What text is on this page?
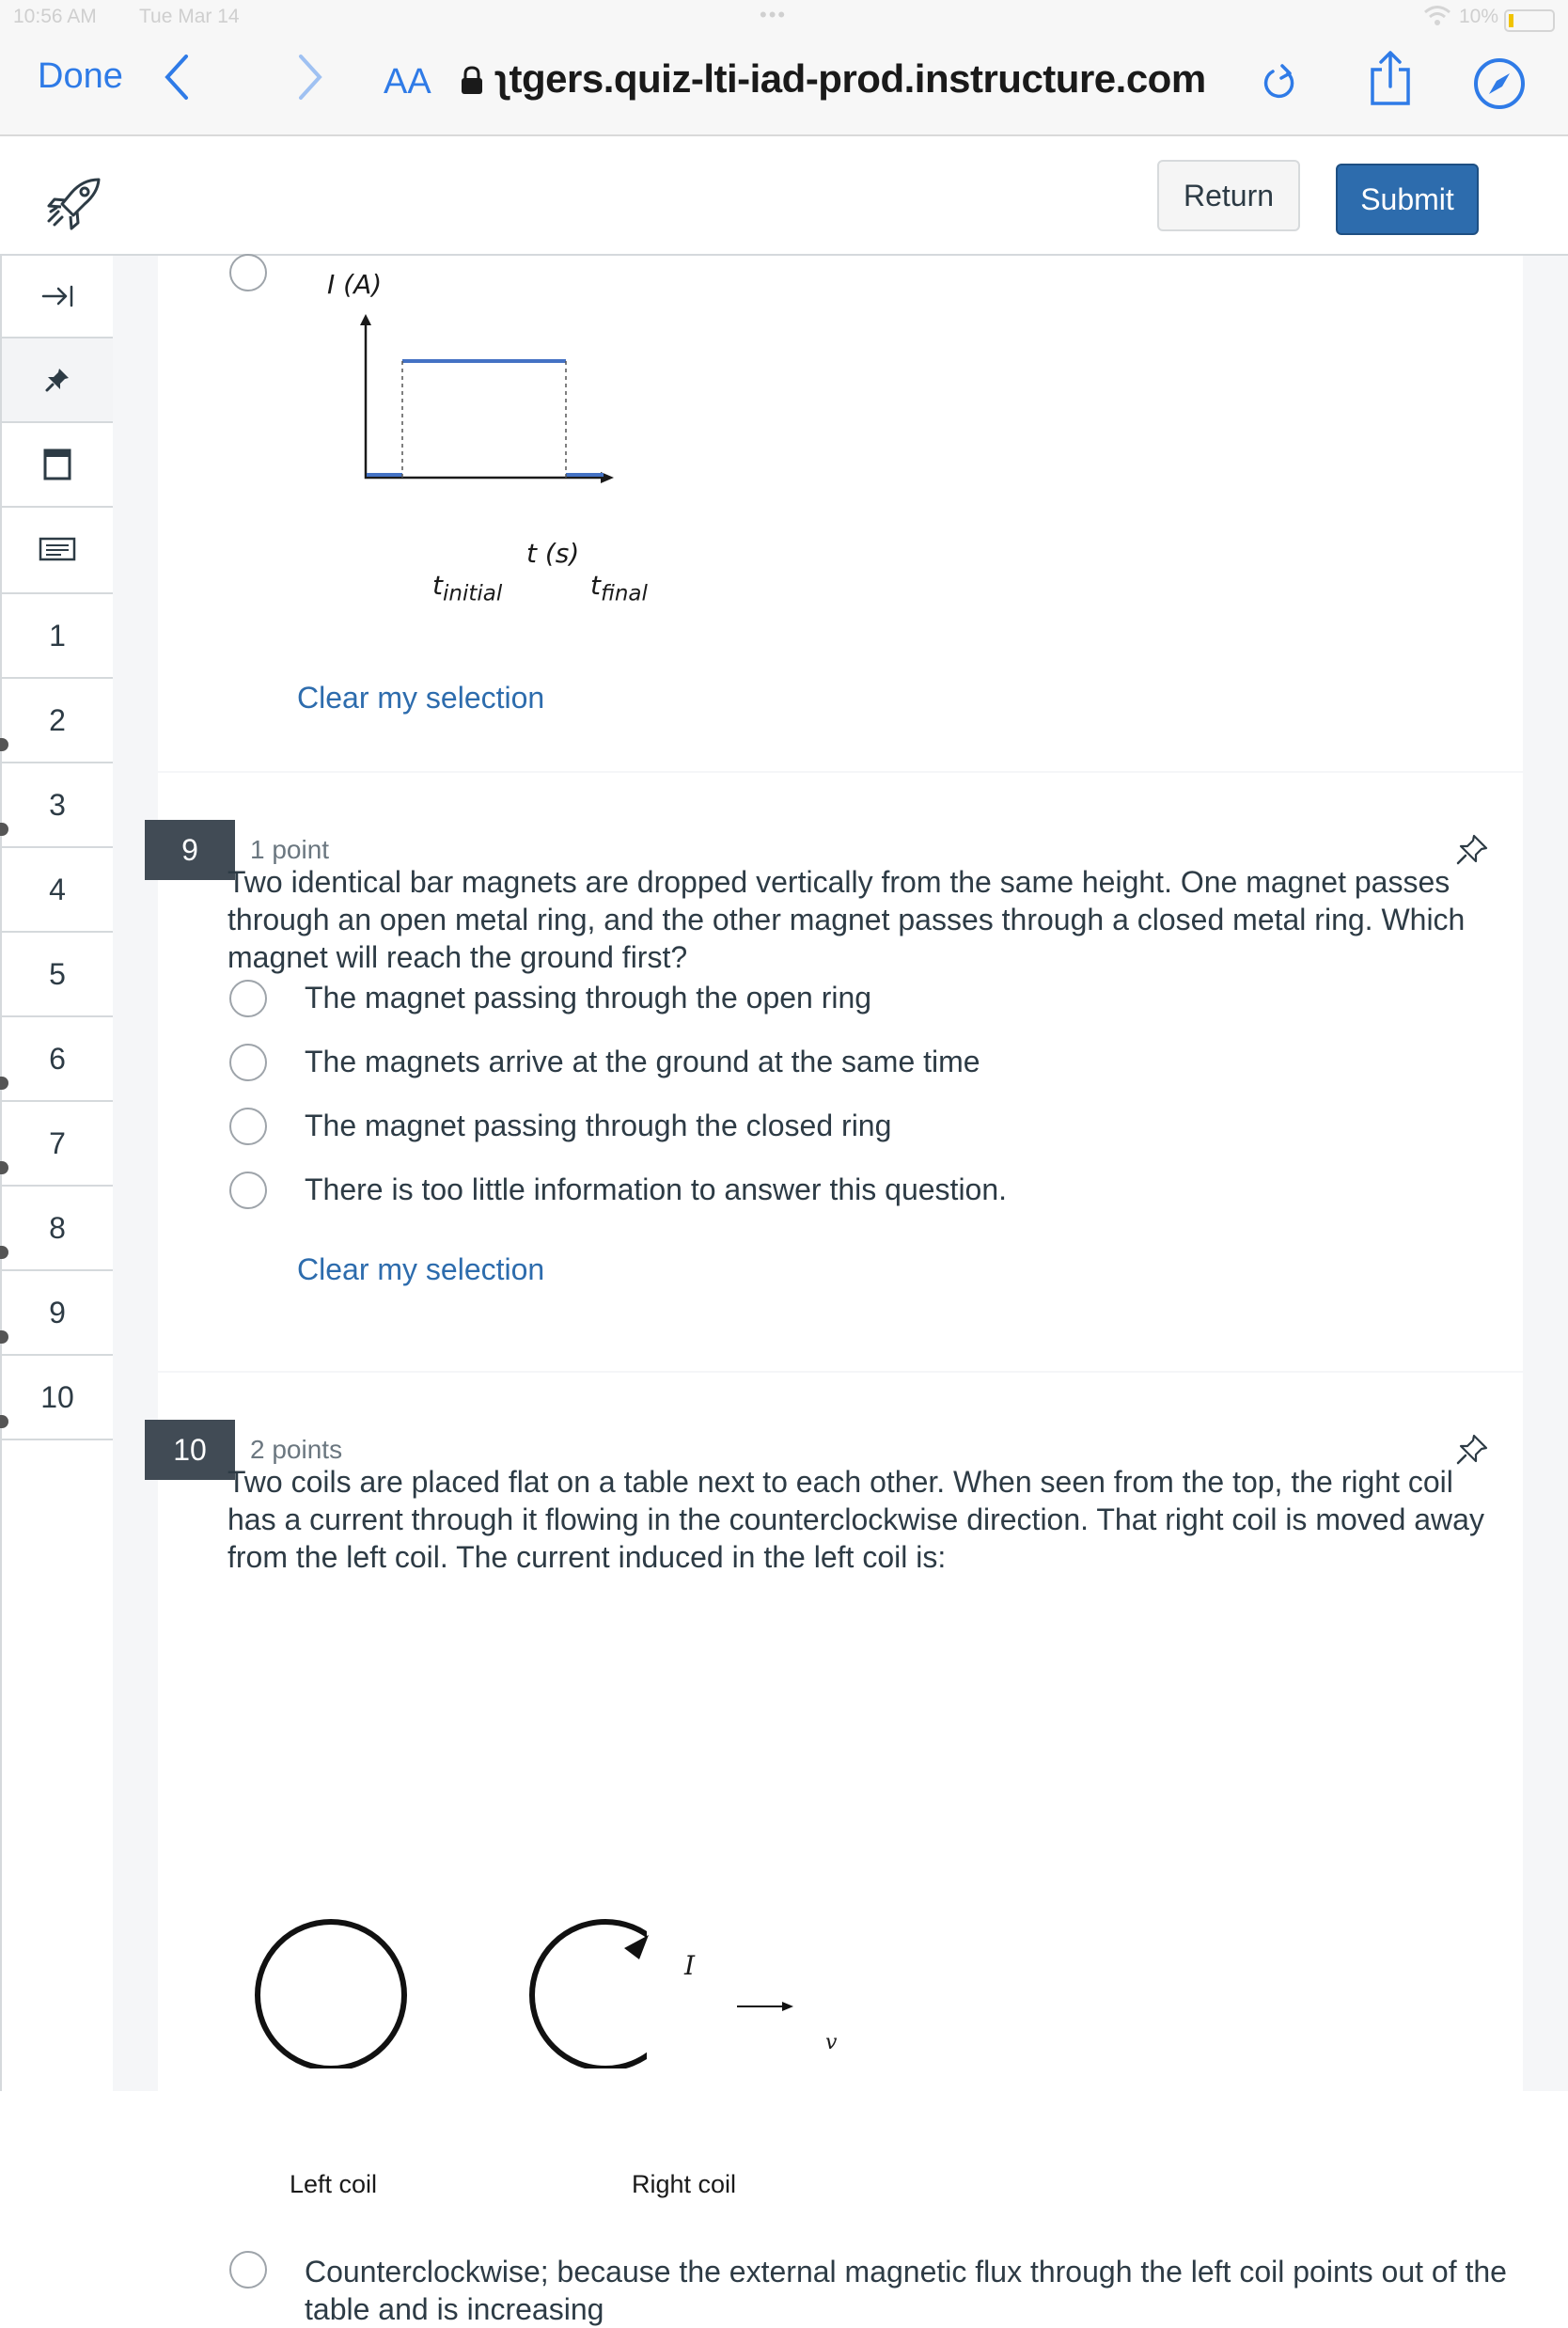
10:56 AM Tue Mar 14	•••	10%
Done	AA ʅtgers.quiz-lti-iad-prod.instructure.com
Return	Submit
1
2
3
4
5
6
7
8
9
10
I (A)
t (s)
$t_{initial}$	$t_{final}$
Clear my selection
9	1 point
Two identical bar magnets are dropped vertically from the same height. One magnet passes through an open metal ring, and the other magnet passes through a closed metal ring. Which magnet will reach the ground first?
The magnet passing through the open ring
The magnets arrive at the ground at the same time
The magnet passing through the closed ring
There is too little information to answer this question.
Clear my selection
10	2 points
Two coils are placed flat on a table next to each other. When seen from the top, the right coil has a current through it flowing in the counterclockwise direction. That right coil is moved away from the left coil. The current induced in the left coil is:
I
v
Left coil	Right coil
Counterclockwise; because the external magnetic flux through the left coil points out of the table and is increasing
